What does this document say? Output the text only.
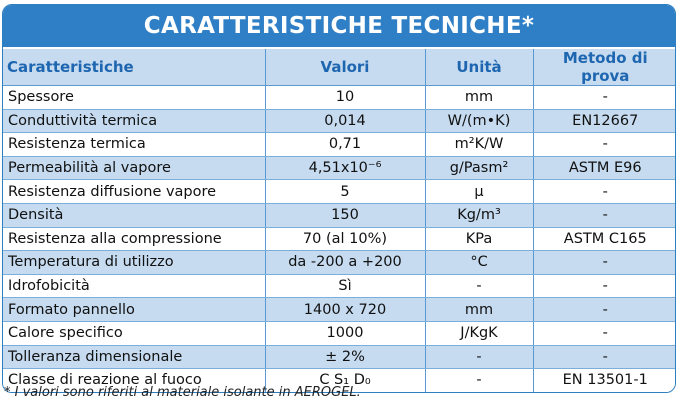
CARATTERISTICHE TECNICHE*
Caratteristiche	Valori	Unità	Metodo di prova
Spessore	10	mm	-
Conduttività termica	0,014	W/(m•K)	EN12667
Resistenza termica	0,71	m²K/W	-
Permeabilità al vapore	4,51x10⁻⁶	g/Pasm²	ASTM E96
Resistenza diffusione vapore	5	μ	-
Densità	150	Kg/m³	-
Resistenza alla compressione	70 (al 10%)	KPa	ASTM C165
Temperatura di utilizzo	da -200 a +200	°C	-
Idrofobicità	Sì	-	-
Formato pannello	1400 x 720	mm	-
Calore specifico	1000	J/KgK	-
Tolleranza dimensionale	± 2%	-	-
Classe di reazione al fuoco	C S₁ D₀	-	EN 13501-1
* I valori sono riferiti al materiale isolante in AEROGEL.
